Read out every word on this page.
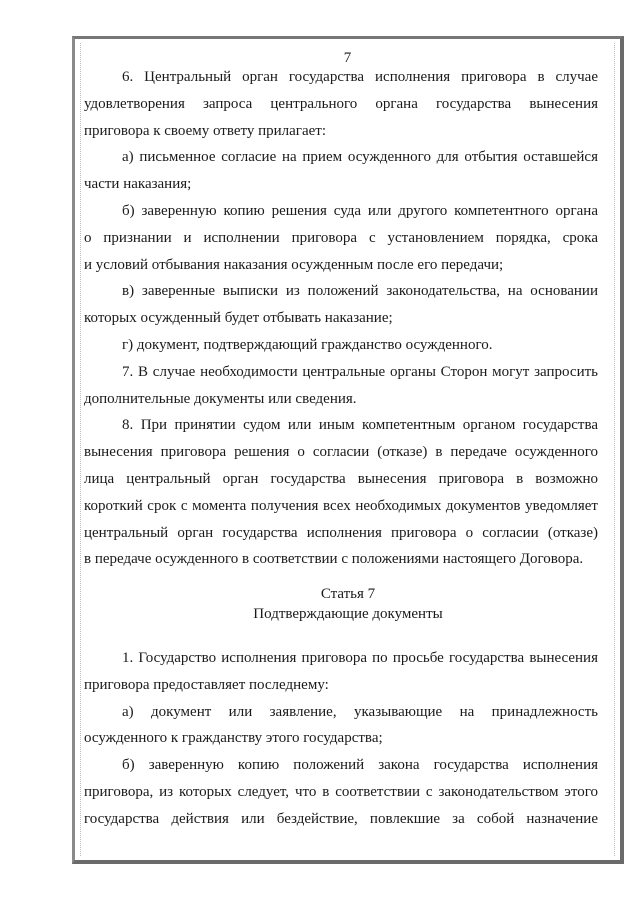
7

6. Центральный орган государства исполнения приговора в случае

удовлетворения запроса центрального органа государства вынесения

приговора к своему ответу прилагает:

а) письменное согласие на прием осужденного для отбытия оставшейся

части наказания;

б) заверенную копию решения суда или другого компетентного органа

о признании и исполнении приговора с установлением порядка, срока

и условий отбывания наказания осужденным после его передачи;

в) заверенные выписки из положений законодательства, на основании

которых осужденный будет отбывать наказание;

г) документ, подтверждающий гражданство осужденного.

7. В случае необходимости центральные органы Сторон могут запросить

дополнительные документы или сведения.

8. При принятии судом или иным компетентным органом государства

вынесения приговора решения о согласии (отказе) в передаче осужденного

лица центральный орган государства вынесения приговора в возможно

короткий срок с момента получения всех необходимых документов уведомляет

центральный орган государства исполнения приговора о согласии (отказе)

в передаче осужденного в соответствии с положениями настоящего Договора.

Статья 7
Подтверждающие документы

1. Государство исполнения приговора по просьбе государства вынесения

приговора предоставляет последнему:

а) документ или заявление, указывающие на принадлежность

осужденного к гражданству этого государства;

б) заверенную копию положений закона государства исполнения

приговора, из которых следует, что в соответствии с законодательством этого

государства действия или бездействие, повлекшие за собой назначение
